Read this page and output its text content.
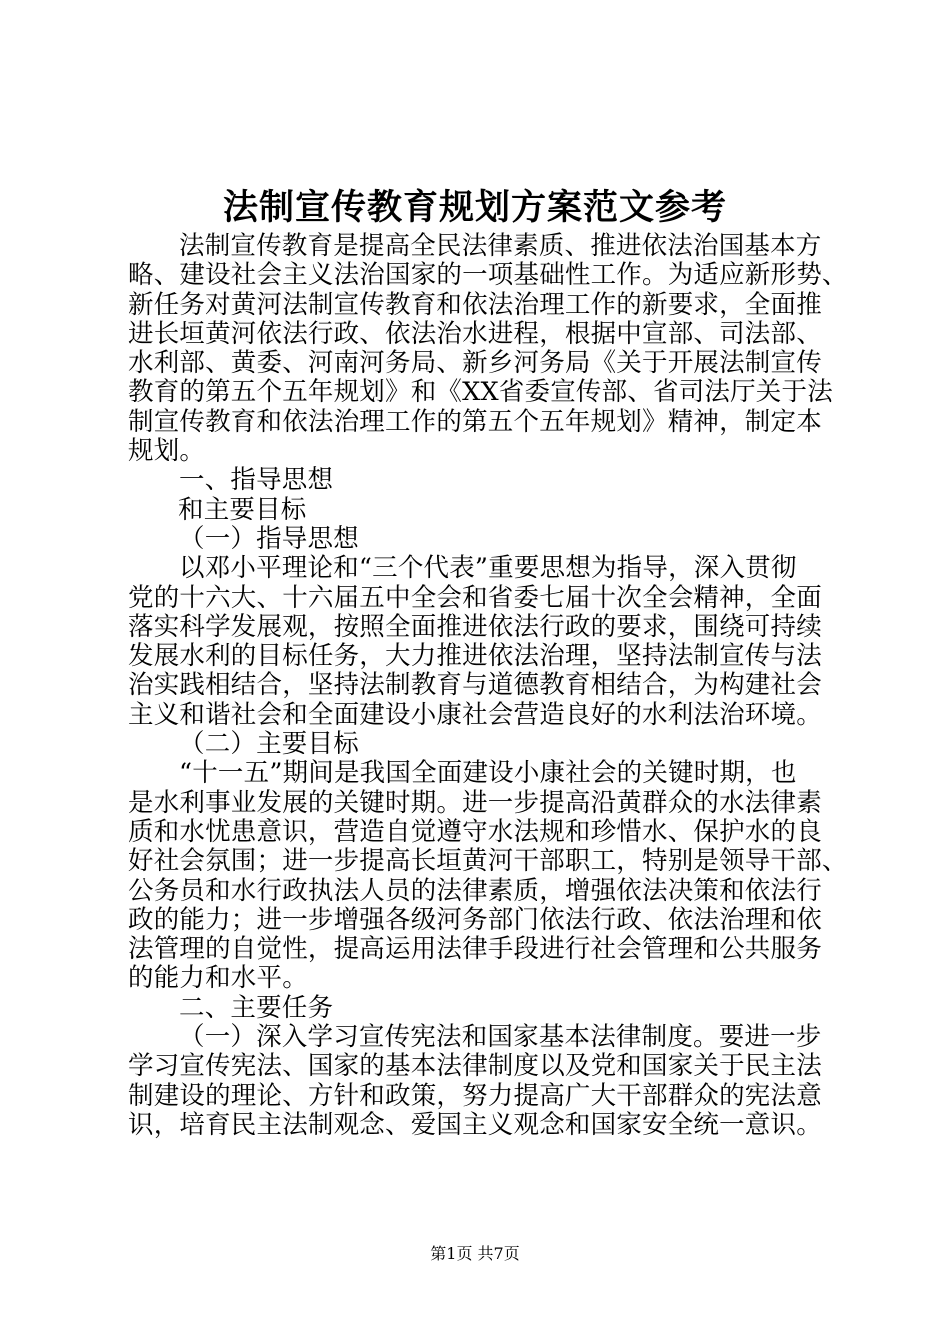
法制宣传教育规划方案范文参考

法制宣传教育是提高全民法律素质、推进依法治国基本方

略、建设社会主义法治国家的一项基础性工作。为适应新形势、

新任务对黄河法制宣传教育和依法治理工作的新要求，全面推

进长垣黄河依法行政、依法治水进程，根据中宣部、司法部、

水利部、黄委、河南河务局、新乡河务局《关于开展法制宣传

教育的第五个五年规划》和《XX省委宣传部、省司法厅关于法

制宣传教育和依法治理工作的第五个五年规划》精神，制定本

规划。

一、指导思想

和主要目标

（一）指导思想

以邓小平理论和“三个代表”重要思想为指导，深入贯彻

党的十六大、十六届五中全会和省委七届十次全会精神，全面

落实科学发展观，按照全面推进依法行政的要求，围绕可持续

发展水利的目标任务，大力推进依法治理，坚持法制宣传与法

治实践相结合，坚持法制教育与道德教育相结合，为构建社会

主义和谐社会和全面建设小康社会营造良好的水利法治环境。

（二）主要目标

“十一五”期间是我国全面建设小康社会的关键时期，也

是水利事业发展的关键时期。进一步提高沿黄群众的水法律素

质和水忧患意识，营造自觉遵守水法规和珍惜水、保护水的良

好社会氛围；进一步提高长垣黄河干部职工，特别是领导干部、

公务员和水行政执法人员的法律素质，增强依法决策和依法行

政的能力；进一步增强各级河务部门依法行政、依法治理和依

法管理的自觉性，提高运用法律手段进行社会管理和公共服务

的能力和水平。

二、主要任务

（一）深入学习宣传宪法和国家基本法律制度。要进一步

学习宣传宪法、国家的基本法律制度以及党和国家关于民主法

制建设的理论、方针和政策，努力提高广大干部群众的宪法意

识，培育民主法制观念、爱国主义观念和国家安全统一意识。

第1页 共7页
